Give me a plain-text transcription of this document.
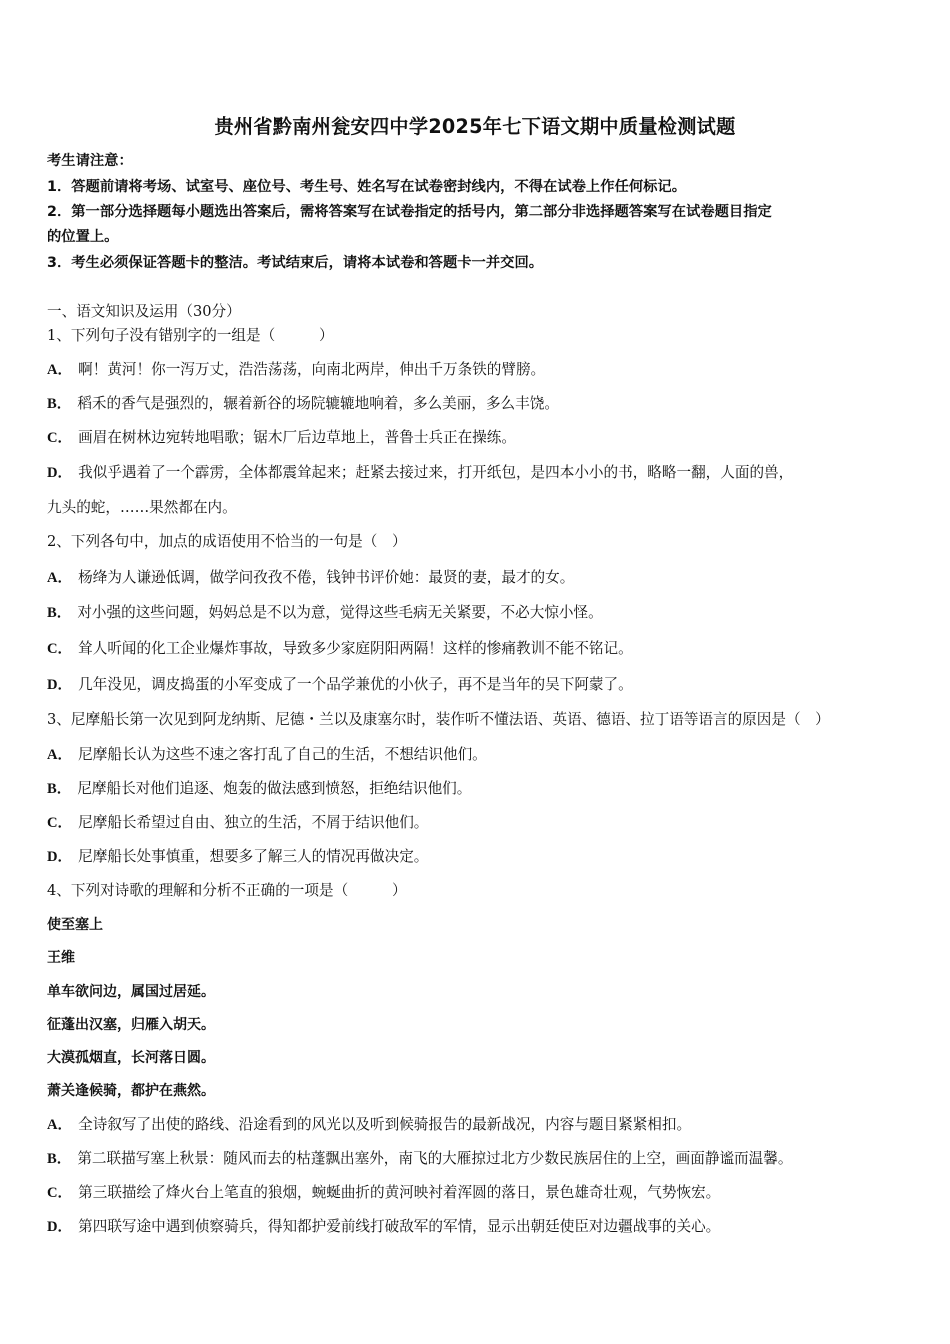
贵州省黔南州瓮安四中学2025年七下语文期中质量检测试题
考生请注意：
1．答题前请将考场、试室号、座位号、考生号、姓名写在试卷密封线内，不得在试卷上作任何标记。
2．第一部分选择题每小题选出答案后，需将答案写在试卷指定的括号内，第二部分非选择题答案写在试卷题目指定
的位置上。
3．考生必须保证答题卡的整洁。考试结束后，请将本试卷和答题卡一并交回。
一、语文知识及运用（30分）
1、下列句子没有错别字的一组是（　　　）
A． 啊！黄河！你一泻万丈，浩浩荡荡，向南北两岸，伸出千万条铁的臂膀。
B． 稻禾的香气是强烈的，辗着新谷的场院辘辘地响着，多么美丽，多么丰饶。
C． 画眉在树林边宛转地唱歌；锯木厂后边草地上，普鲁士兵正在操练。
D． 我似乎遇着了一个霹雳，全体都震耸起来；赶紧去接过来，打开纸包，是四本小小的书，略略一翻，人面的兽，
九头的蛇，……果然都在内。
2、下列各句中，加点的成语使用不恰当的一句是（　）
A． 杨绛为人谦逊低调，做学问孜孜不倦，钱钟书评价她：最贤的妻，最才的女。
B． 对小强的这些问题，妈妈总是不以为意，觉得这些毛病无关紧要，不必大惊小怪。
C． 耸人听闻的化工企业爆炸事故，导致多少家庭阴阳两隔！这样的惨痛教训不能不铭记。
D． 几年没见，调皮捣蛋的小军变成了一个品学兼优的小伙子，再不是当年的吴下阿蒙了。
3、尼摩船长第一次见到阿龙纳斯、尼德・兰以及康塞尔时，装作听不懂法语、英语、德语、拉丁语等语言的原因是（　）
A． 尼摩船长认为这些不速之客打乱了自己的生活，不想结识他们。
B． 尼摩船长对他们追逐、炮轰的做法感到愤怒，拒绝结识他们。
C． 尼摩船长希望过自由、独立的生活，不屑于结识他们。
D． 尼摩船长处事慎重，想要多了解三人的情况再做决定。
4、下列对诗歌的理解和分析不正确的一项是（　　　）
使至塞上
王维
单车欲问边，属国过居延。
征蓬出汉塞，归雁入胡天。
大漠孤烟直，长河落日圆。
萧关逢候骑，都护在燕然。
A． 全诗叙写了出使的路线、沿途看到的风光以及听到候骑报告的最新战况，内容与题目紧紧相扣。
B． 第二联描写塞上秋景：随风而去的枯蓬飘出塞外，南飞的大雁掠过北方少数民族居住的上空，画面静谧而温馨。
C． 第三联描绘了烽火台上笔直的狼烟，蜿蜒曲折的黄河映衬着浑圆的落日，景色雄奇壮观，气势恢宏。
D． 第四联写途中遇到侦察骑兵，得知都护爱前线打破敌军的军情，显示出朝廷使臣对边疆战事的关心。
